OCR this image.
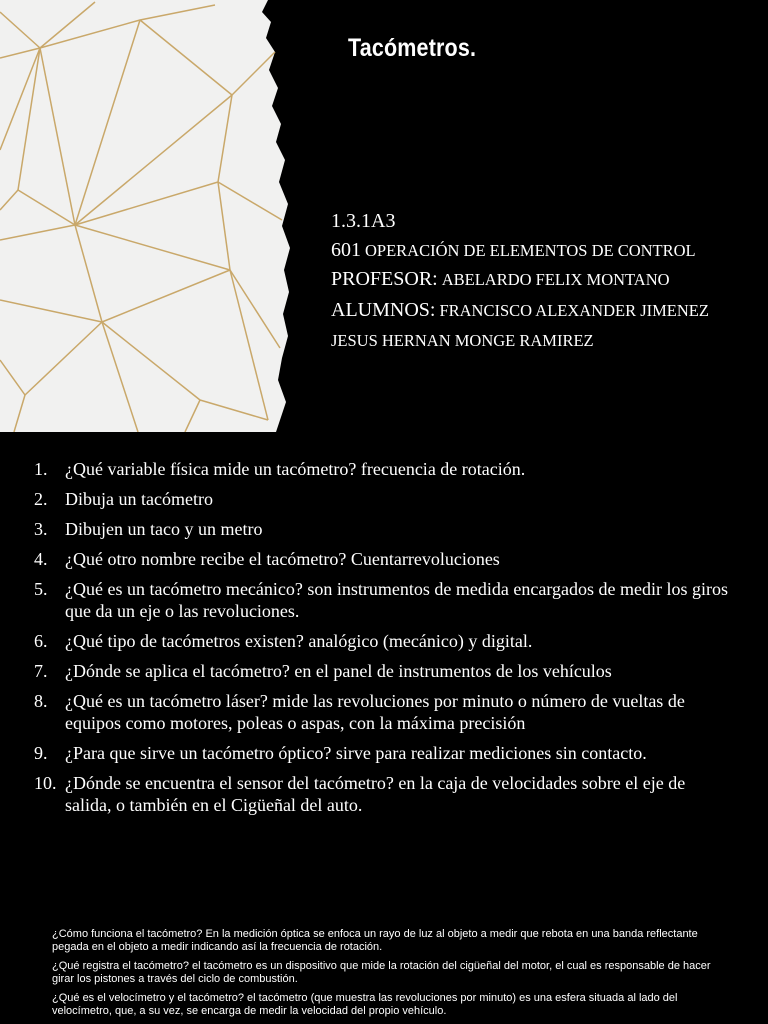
Tacómetros.
1.3.1A3
601 OPERACIÓN DE ELEMENTOS DE CONTROL
PROFESOR: ABELARDO FELIX MONTANO
ALUMNOS: FRANCISCO ALEXANDER JIMENEZ
JESUS HERNAN MONGE RAMIREZ
1. ¿Qué variable física mide un tacómetro? frecuencia de rotación.
2. Dibuja un tacómetro
3. Dibujen un taco y un metro
4. ¿Qué otro nombre recibe el tacómetro? Cuentarrevoluciones
5. ¿Qué es un tacómetro mecánico? son instrumentos de medida encargados de medir los giros que da un eje o las revoluciones.
6. ¿Qué tipo de tacómetros existen? analógico (mecánico) y digital.
7. ¿Dónde se aplica el tacómetro? en el panel de instrumentos de los vehículos
8. ¿Qué es un tacómetro láser? mide las revoluciones por minuto o número de vueltas de equipos como motores, poleas o aspas, con la máxima precisión
9. ¿Para que sirve un tacómetro óptico? sirve para realizar mediciones sin contacto.
10. ¿Dónde se encuentra el sensor del tacómetro? en la caja de velocidades sobre el eje de salida, o también en el Cigüeñal del auto.

¿Cómo funciona el tacómetro? En la medición óptica se enfoca un rayo de luz al objeto a medir que rebota en una banda reflectante pegada en el objeto a medir indicando así la frecuencia de rotación.

¿Qué registra el tacómetro? el tacómetro es un dispositivo que mide la rotación del cigüeñal del motor, el cual es responsable de hacer girar los pistones a través del ciclo de combustión.

¿Qué es el velocímetro y el tacómetro? el tacómetro (que muestra las revoluciones por minuto) es una esfera situada al lado del velocímetro, que, a su vez, se encarga de medir la velocidad del propio vehículo.
